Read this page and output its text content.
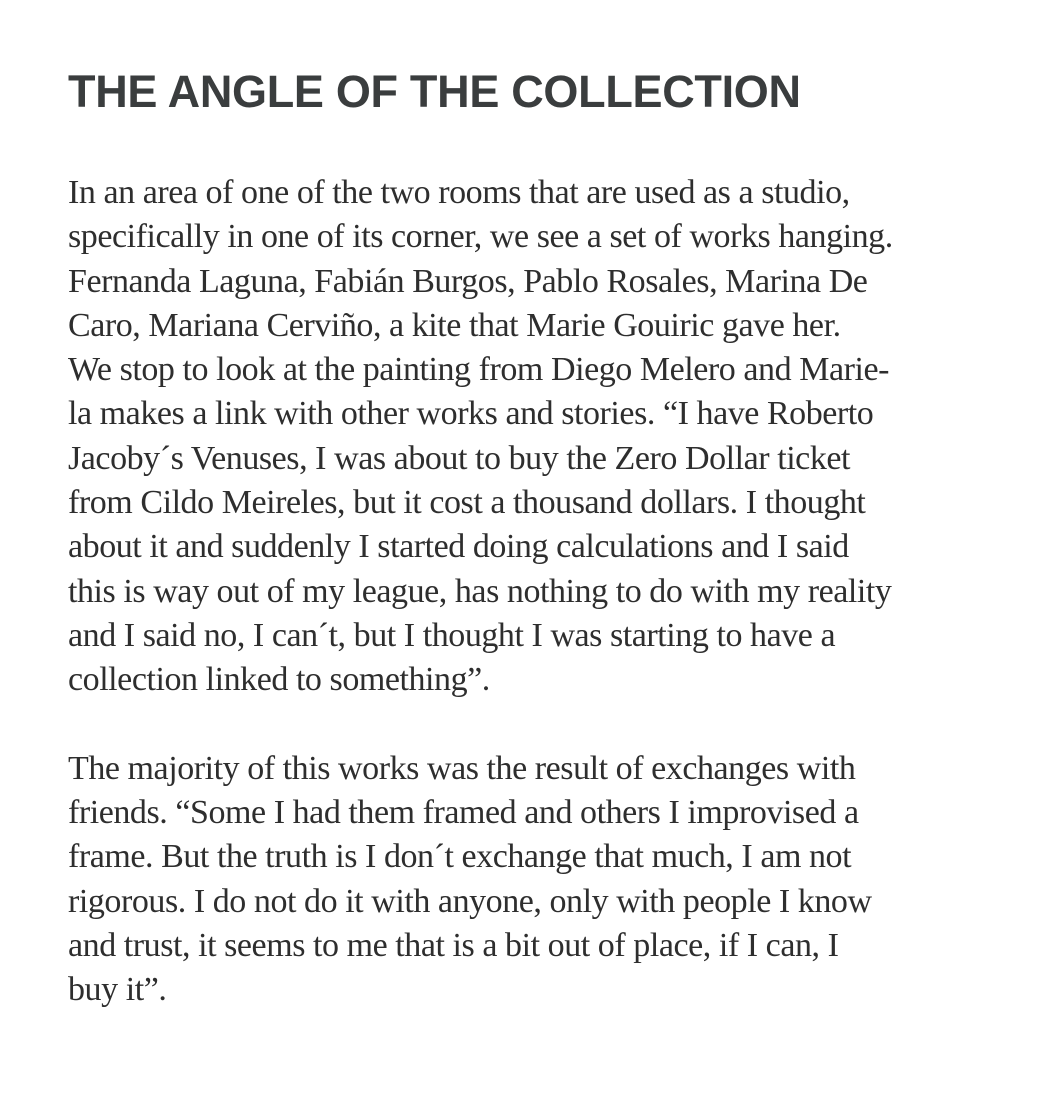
THE ANGLE OF THE COLLECTION

In an area of one of the two rooms that are used as a studio,
specifically in one of its corner, we see a set of works hanging.
Fernanda Laguna, Fabián Burgos, Pablo Rosales, Marina De
Caro, Mariana Cerviño, a kite that Marie Gouiric gave her.
We stop to look at the painting from Diego Melero and Marie-
la makes a link with other works and stories. “I have Roberto
Jacoby´s Venuses, I was about to buy the Zero Dollar ticket
from Cildo Meireles, but it cost a thousand dollars. I thought
about it and suddenly I started doing calculations and I said
this is way out of my league, has nothing to do with my reality
and I said no, I can´t, but I thought I was starting to have a
collection linked to something”.

The majority of this works was the result of exchanges with
friends. “Some I had them framed and others I improvised a
frame. But the truth is I don´t exchange that much, I am not
rigorous. I do not do it with anyone, only with people I know
and trust, it seems to me that is a bit out of place, if I can, I
buy it”.
